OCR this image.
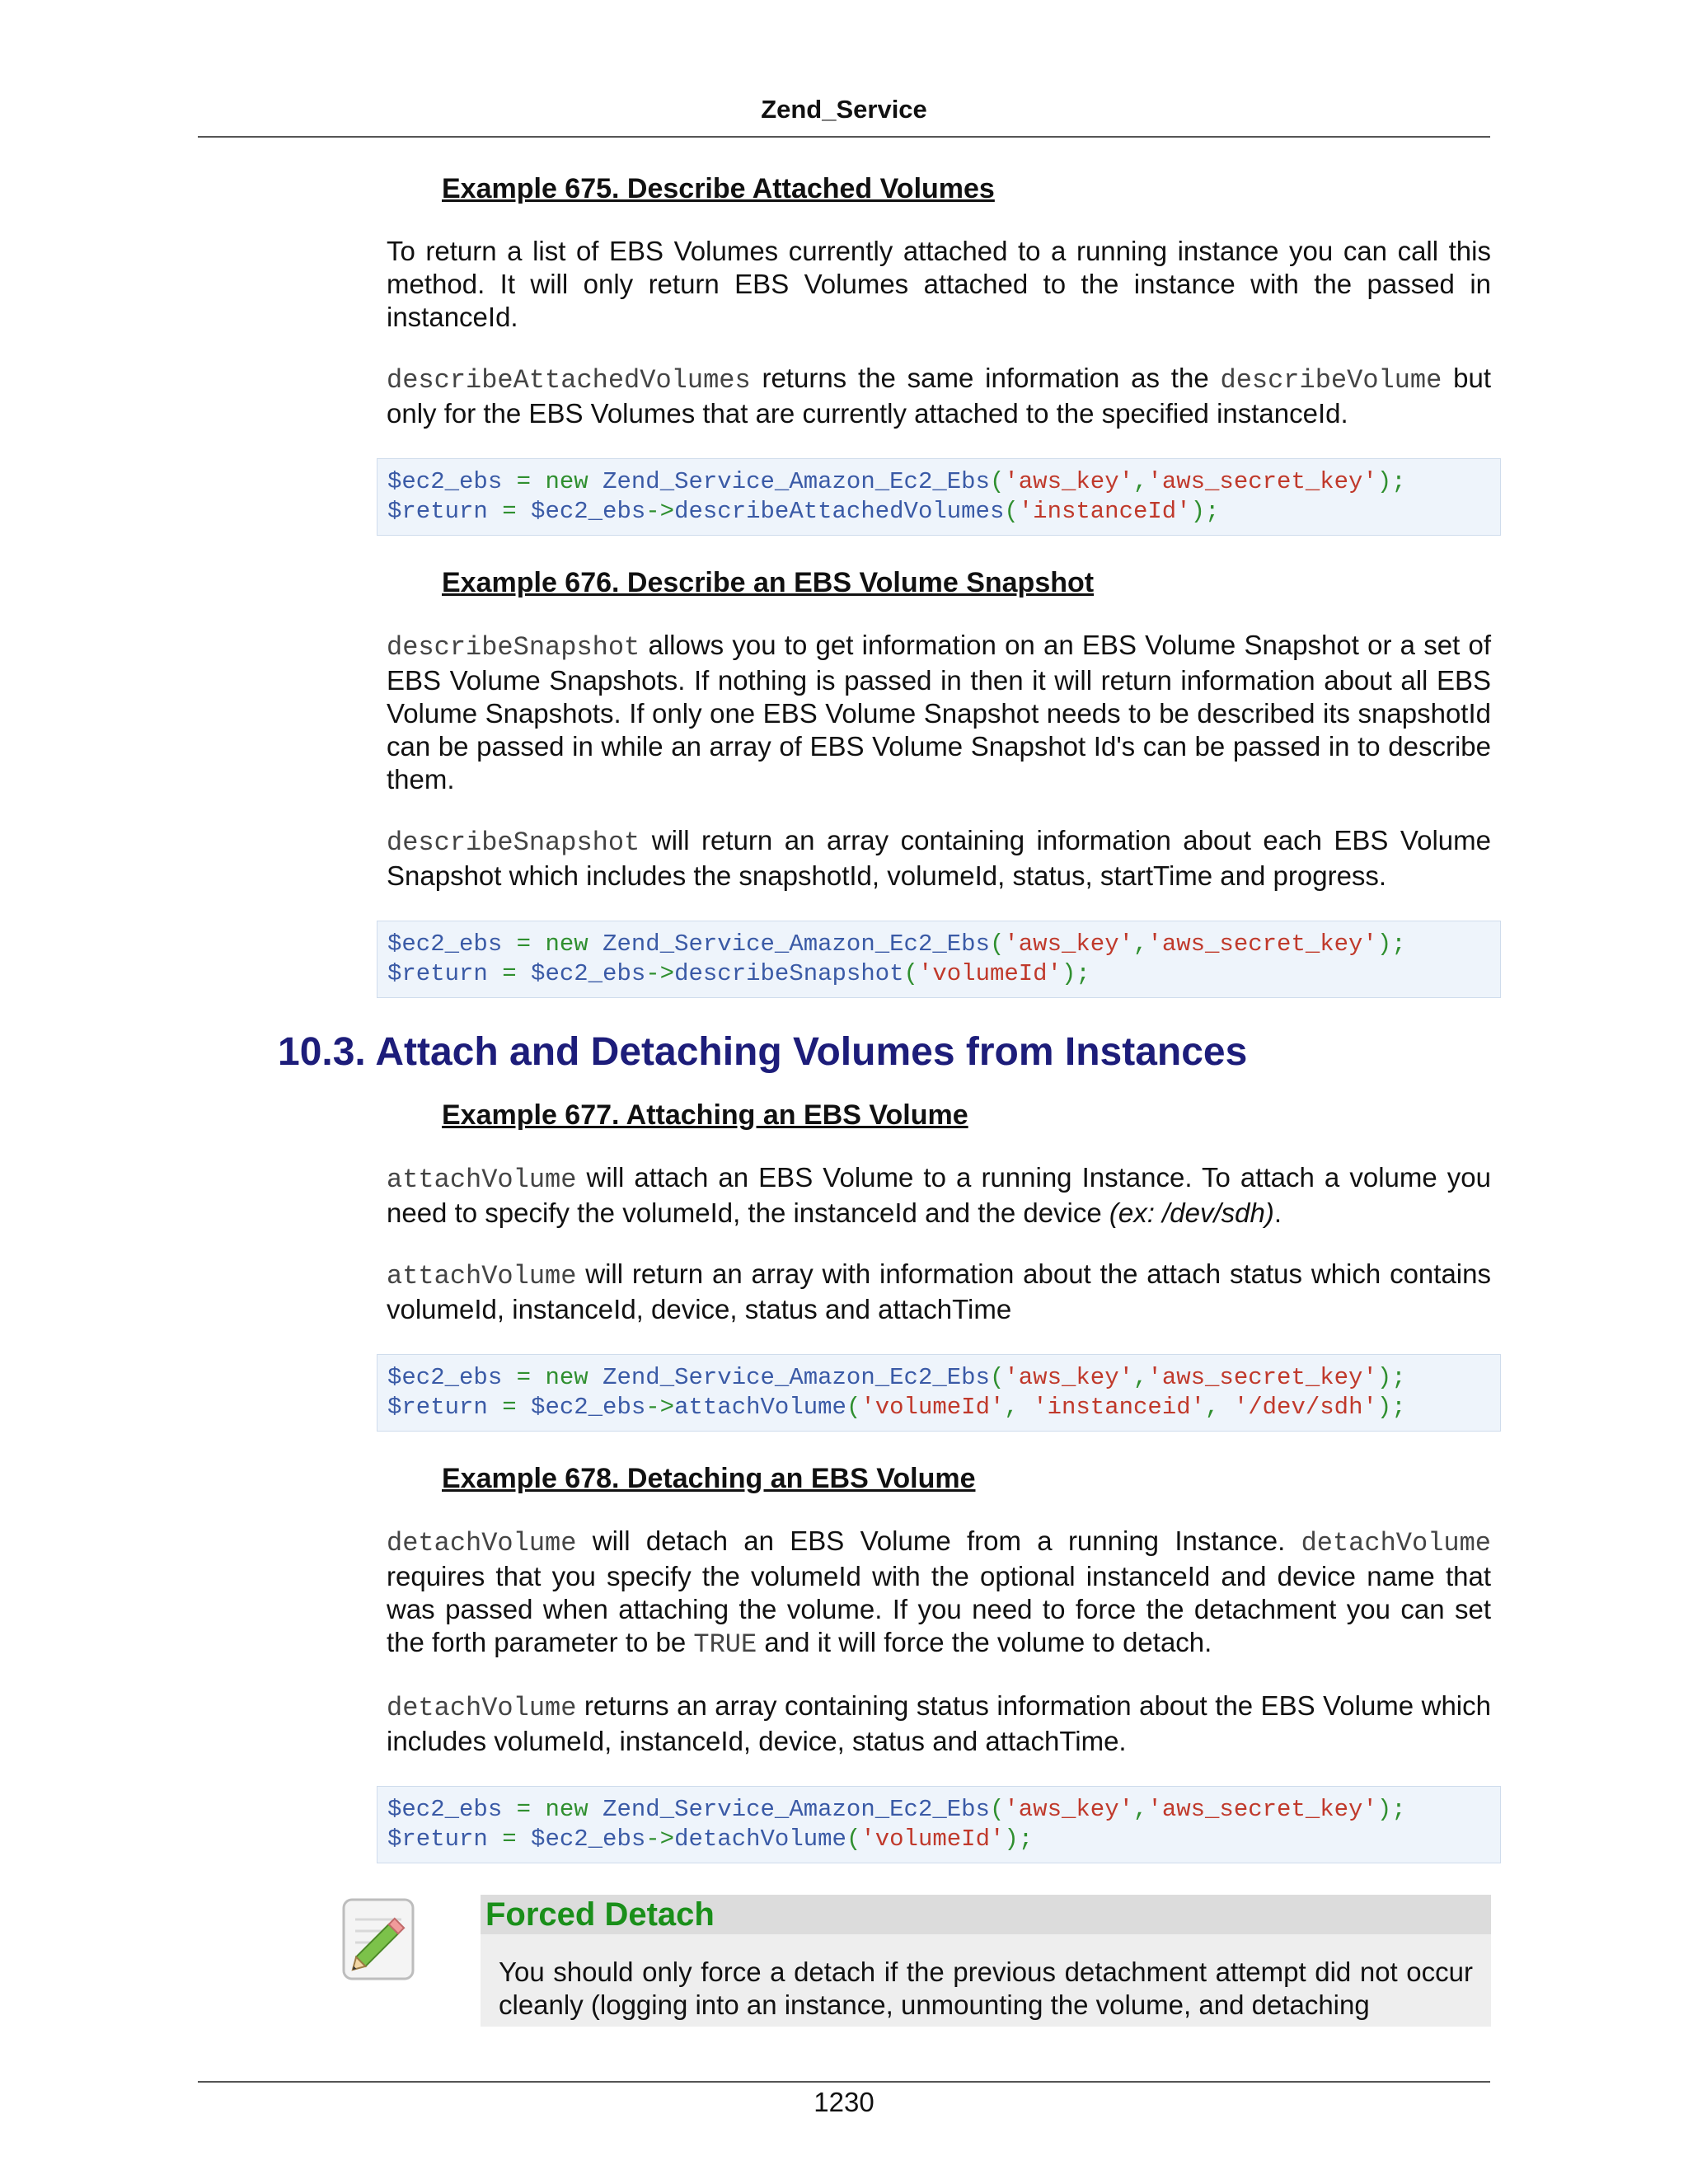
Zend_Service
Example 675. Describe Attached Volumes

To return a list of EBS Volumes currently attached to a running instance you can call this method. It will only return EBS Volumes attached to the instance with the passed in instanceId.

describeAttachedVolumes returns the same information as the describeVolume but only for the EBS Volumes that are currently attached to the specified instanceId.

$ec2_ebs = new Zend_Service_Amazon_Ec2_Ebs('aws_key','aws_secret_key');
$return = $ec2_ebs->describeAttachedVolumes('instanceId');
Example 676. Describe an EBS Volume Snapshot

describeSnapshot allows you to get information on an EBS Volume Snapshot or a set of EBS Volume Snapshots. If nothing is passed in then it will return information about all EBS Volume Snapshots. If only one EBS Volume Snapshot needs to be described its snapshotId can be passed in while an array of EBS Volume Snapshot Id's can be passed in to describe them.

describeSnapshot will return an array containing information about each EBS Volume Snapshot which includes the snapshotId, volumeId, status, startTime and progress.

$ec2_ebs = new Zend_Service_Amazon_Ec2_Ebs('aws_key','aws_secret_key');
$return = $ec2_ebs->describeSnapshot('volumeId');
10.3. Attach and Detaching Volumes from Instances
Example 677. Attaching an EBS Volume

attachVolume will attach an EBS Volume to a running Instance. To attach a volume you need to specify the volumeId, the instanceId and the device (ex: /dev/sdh).

attachVolume will return an array with information about the attach status which contains volumeId, instanceId, device, status and attachTime

$ec2_ebs = new Zend_Service_Amazon_Ec2_Ebs('aws_key','aws_secret_key');
$return = $ec2_ebs->attachVolume('volumeId', 'instanceid', '/dev/sdh');
Example 678. Detaching an EBS Volume

detachVolume will detach an EBS Volume from a running Instance. detachVolume requires that you specify the volumeId with the optional instanceId and device name that was passed when attaching the volume. If you need to force the detachment you can set the forth parameter to be TRUE and it will force the volume to detach.

detachVolume returns an array containing status information about the EBS Volume which includes volumeId, instanceId, device, status and attachTime.

$ec2_ebs = new Zend_Service_Amazon_Ec2_Ebs('aws_key','aws_secret_key');
$return = $ec2_ebs->detachVolume('volumeId');
Forced Detach
You should only force a detach if the previous detachment attempt did not occur cleanly (logging into an instance, unmounting the volume, and detaching
1230
